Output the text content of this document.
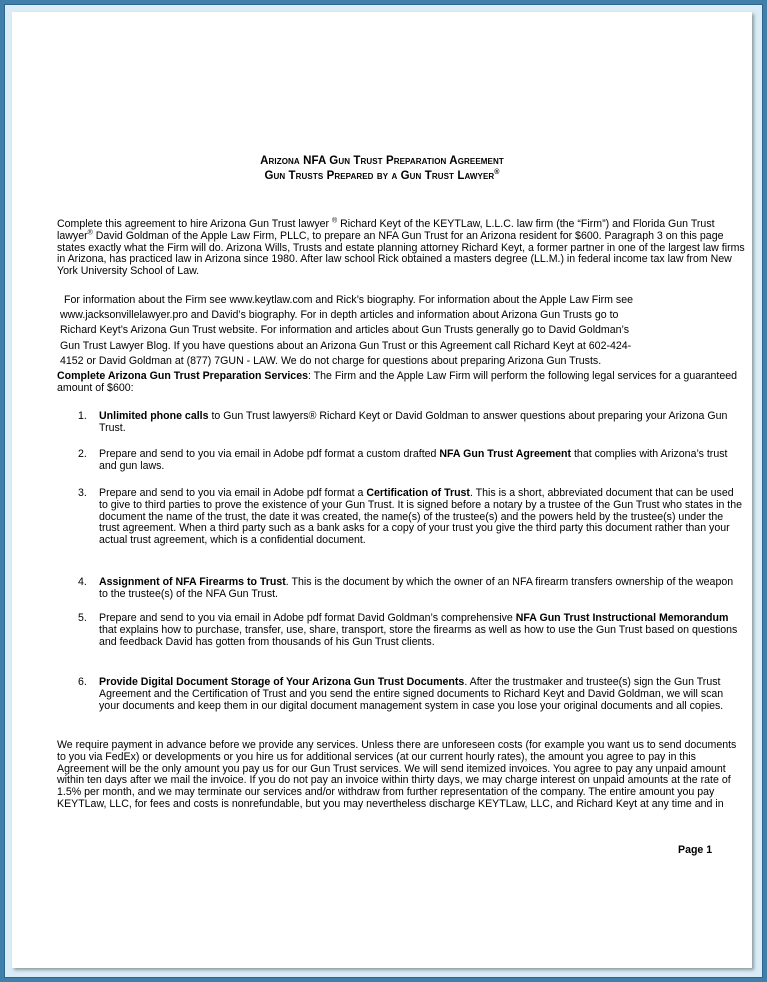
Arizona NFA Gun Trust Preparation Agreement
Gun Trusts Prepared by a Gun Trust Lawyer®

Complete this agreement to hire Arizona Gun Trust lawyer ® Richard Keyt of the KEYTLaw, L.L.C. law firm (the “Firm”) and Florida Gun Trust lawyer® David Goldman of the Apple Law Firm, PLLC, to prepare an NFA Gun Trust for an Arizona resident for $600. Paragraph 3 on this page states exactly what the Firm will do. Arizona Wills, Trusts and estate planning attorney Richard Keyt, a former partner in one of the largest law firms in Arizona, has practiced law in Arizona since 1980. After law school Rick obtained a masters degree (LL.M.) in federal income tax law from New York University School of Law.

For information about the Firm see www.keytlaw.com and Rick’s biography. For information about the Apple Law Firm see
www.jacksonvillelawyer.pro and David’s biography. For in depth articles and information about Arizona Gun Trusts go to
Richard Keyt’s Arizona Gun Trust website. For information and articles about Gun Trusts generally go to David Goldman’s
Gun Trust Lawyer Blog. If you have questions about an Arizona Gun Trust or this Agreement call Richard Keyt at 602-424-
4152 or David Goldman at (877) 7GUN - LAW. We do not charge for questions about preparing Arizona Gun Trusts.

Complete Arizona Gun Trust Preparation Services: The Firm and the Apple Law Firm will perform the following legal services for a guaranteed amount of $600:

1. Unlimited phone calls to Gun Trust lawyers® Richard Keyt or David Goldman to answer questions about preparing your Arizona Gun Trust.
2. Prepare and send to you via email in Adobe pdf format a custom drafted NFA Gun Trust Agreement that complies with Arizona’s trust and gun laws.
3. Prepare and send to you via email in Adobe pdf format a Certification of Trust. This is a short, abbreviated document that can be used to give to third parties to prove the existence of your Gun Trust. It is signed before a notary by a trustee of the Gun Trust who states in the document the name of the trust, the date it was created, the name(s) of the trustee(s) and the powers held by the trustee(s) under the trust agreement. When a third party such as a bank asks for a copy of your trust you give the third party this document rather than your actual trust agreement, which is a confidential document.
4. Assignment of NFA Firearms to Trust. This is the document by which the owner of an NFA firearm transfers ownership of the weapon to the trustee(s) of the NFA Gun Trust.
5. Prepare and send to you via email in Adobe pdf format David Goldman’s comprehensive NFA Gun Trust Instructional Memorandum that explains how to purchase, transfer, use, share, transport, store the firearms as well as how to use the Gun Trust based on questions and feedback David has gotten from thousands of his Gun Trust clients.
6. Provide Digital Document Storage of Your Arizona Gun Trust Documents. After the trustmaker and trustee(s) sign the Gun Trust Agreement and the Certification of Trust and you send the entire signed documents to Richard Keyt and David Goldman, we will scan your documents and keep them in our digital document management system in case you lose your original documents and all copies.

We require payment in advance before we provide any services. Unless there are unforeseen costs (for example you want us to send documents to you via FedEx) or developments or you hire us for additional services (at our current hourly rates), the amount you agree to pay in this Agreement will be the only amount you pay us for our Gun Trust services. We will send itemized invoices. You agree to pay any unpaid amount within ten days after we mail the invoice. If you do not pay an invoice within thirty days, we may charge interest on unpaid amounts at the rate of 1.5% per month, and we may terminate our services and/or withdraw from further representation of the company. The entire amount you pay KEYTLaw, LLC, for fees and costs is nonrefundable, but you may nevertheless discharge KEYTLaw, LLC, and Richard Keyt at any time and in

Page 1
